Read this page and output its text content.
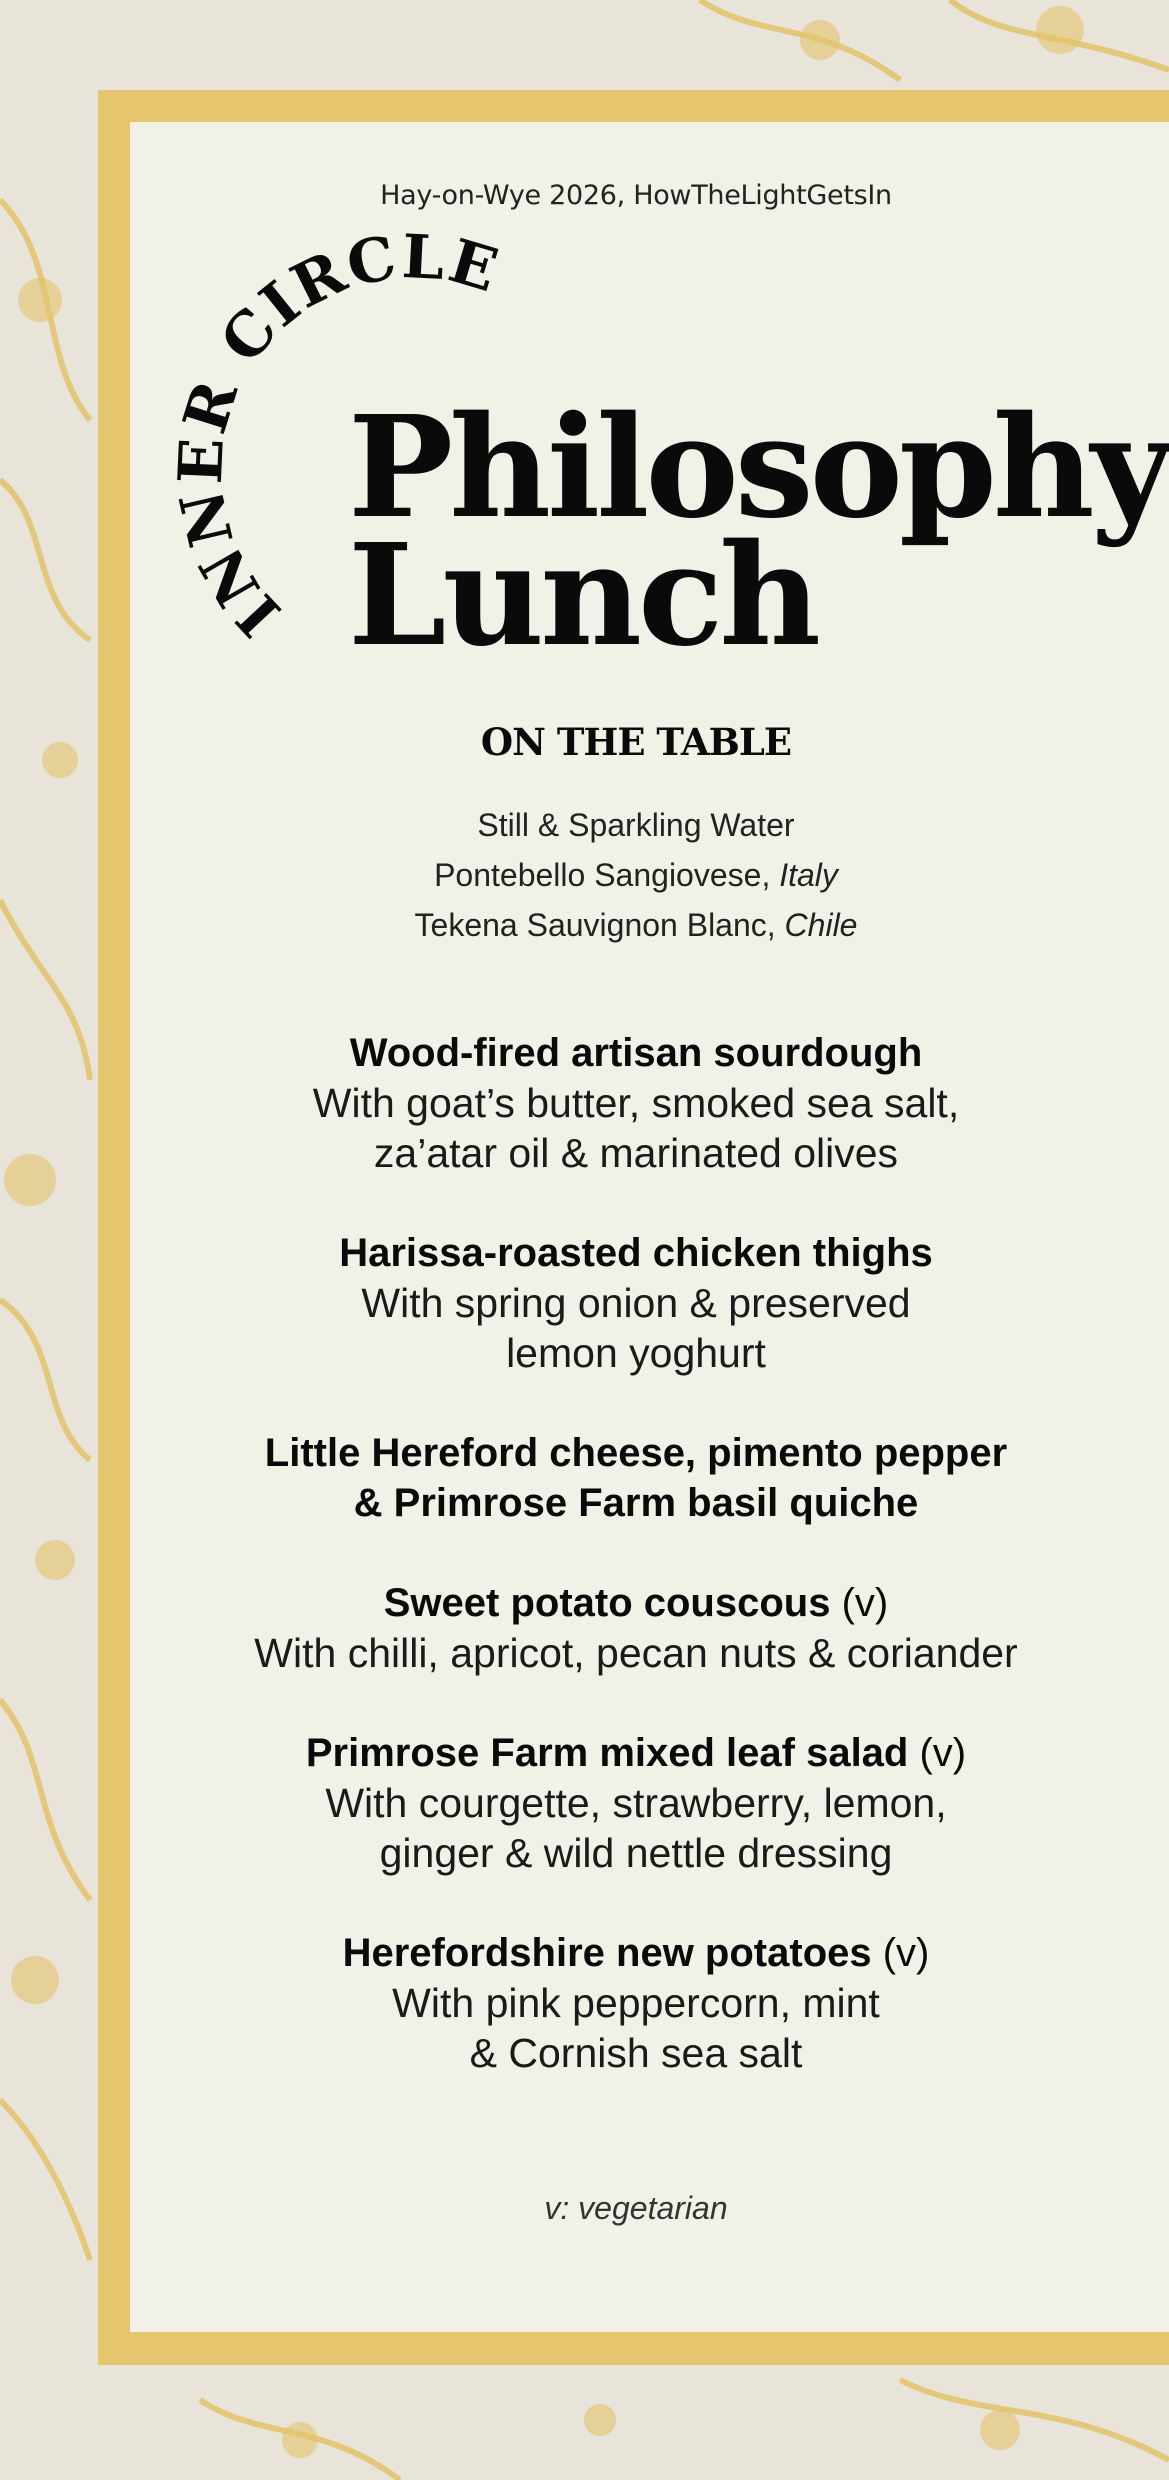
Hay-on-Wye 2026, HowTheLightGetsIn
INNER CIRCLE
Philosophy
Lunch
ON THE TABLE
Still & Sparkling Water
Pontebello Sangiovese, Italy
Tekena Sauvignon Blanc, Chile
Wood-fired artisan sourdough
With goat’s butter, smoked sea salt,
za’atar oil & marinated olives
Harissa-roasted chicken thighs
With spring onion & preserved
lemon yoghurt
Little Hereford cheese, pimento pepper
& Primrose Farm basil quiche
Sweet potato couscous (v)
With chilli, apricot, pecan nuts & coriander
Primrose Farm mixed leaf salad (v)
With courgette, strawberry, lemon,
ginger & wild nettle dressing
Herefordshire new potatoes (v)
With pink peppercorn, mint
& Cornish sea salt
v: vegetarian
